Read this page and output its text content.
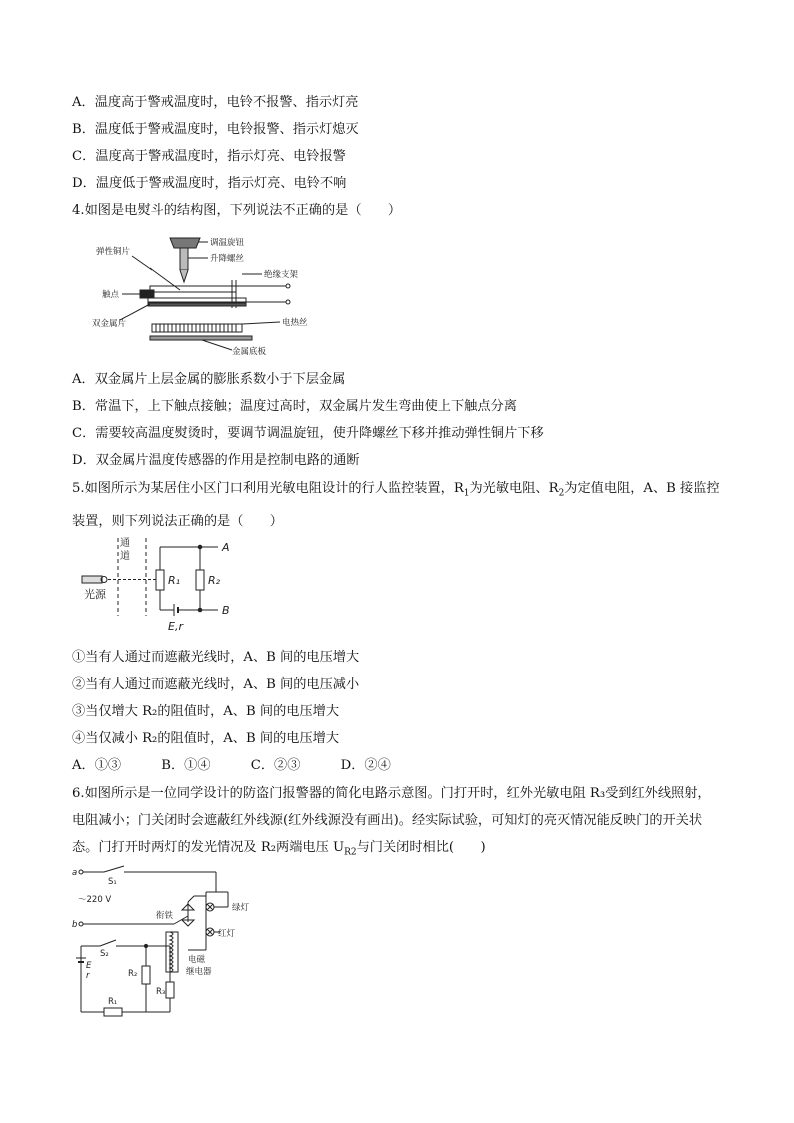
A．温度高于警戒温度时，电铃不报警、指示灯亮
B．温度低于警戒温度时，电铃报警、指示灯熄灭
C．温度高于警戒温度时，指示灯亮、电铃报警
D．温度低于警戒温度时，指示灯亮、电铃不响
4.如图是电熨斗的结构图，下列说法不正确的是（　　）
调温旋钮
升降螺丝
绝缘支架
弹性铜片
触点
双金属片	电热丝
金属底板
A．双金属片上层金属的膨胀系数小于下层金属
B．常温下，上下触点接触；温度过高时，双金属片发生弯曲使上下触点分离
C．需要较高温度熨烫时，要调节调温旋钮，使升降螺丝下移并推动弹性铜片下移
D．双金属片温度传感器的作用是控制电路的通断
5.如图所示为某居住小区门口利用光敏电阻设计的行人监控装置，$R_1$为光敏电阻、$R_2$为定值电阻，A、B 接监控装置，则下列说法正确的是（　　）
通
道
光源
R₁	R₂
A
B
E,r
①当有人通过而遮蔽光线时，A、B 间的电压增大
②当有人通过而遮蔽光线时，A、B 间的电压减小
③当仅增大 R₂的阻值时，A、B 间的电压增大
④当仅减小 R₂的阻值时，A、B 间的电压增大
A．①③	B．①④	C．②③	D．②④
6.如图所示是一位同学设计的防盗门报警器的简化电路示意图。门打开时，红外光敏电阻 R₃受到红外线照射，电阻减小；门关闭时会遮蔽红外线源(红外线源没有画出)。经实际试验，可知灯的亮灭情况能反映门的开关状态。门打开时两灯的发光情况及 R₂两端电压 $U_{R2}$与门关闭时相比(　　)
a
S₁
～220 V
b
衔铁
绿灯
红灯
S₂
E
r	R₂
R₃
R₁
电磁
继电器
